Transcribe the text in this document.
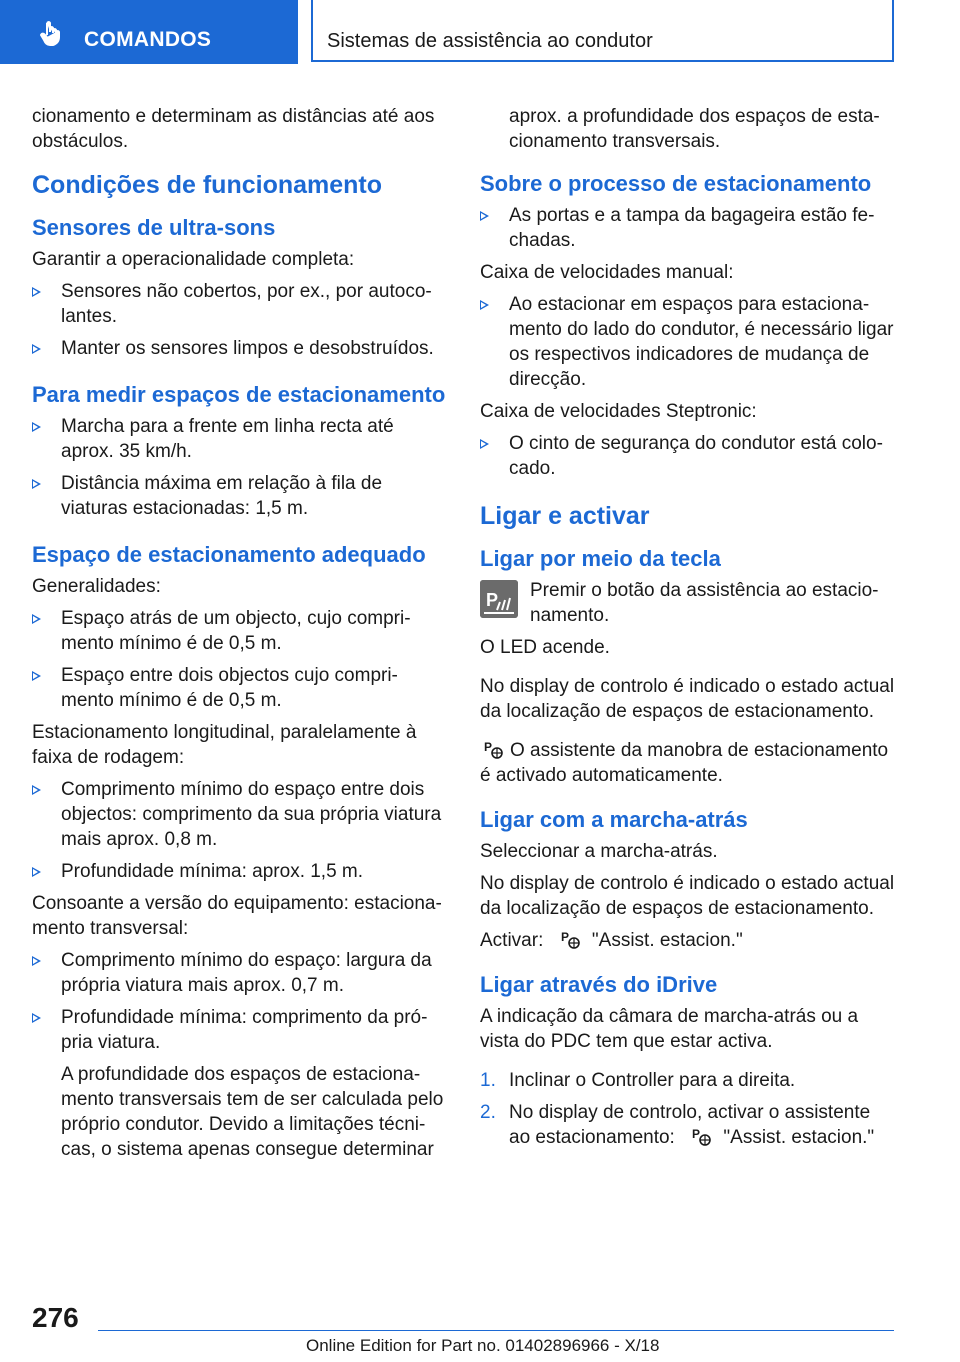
COMANDOS	Sistemas de assistência ao condutor

cionamento e determinam as distâncias até aos obstáculos.

Condições de funcionamento
Sensores de ultra-sons

Garantir a operacionalidade completa:

Sensores não cobertos, por ex., por autoco-lantes.
Manter os sensores limpos e desobstruídos.
Para medir espaços de estacionamento
Marcha para a frente em linha recta até aprox. 35 km/h.
Distância máxima em relação à fila de viaturas estacionadas: 1,5 m.
Espaço de estacionamento adequado

Generalidades:

Espaço atrás de um objecto, cujo compri-mento mínimo é de 0,5 m.
Espaço entre dois objectos cujo compri-mento mínimo é de 0,5 m.

Estacionamento longitudinal, paralelamente à faixa de rodagem:

Comprimento mínimo do espaço entre dois objectos: comprimento da sua própria viatura mais aprox. 0,8 m.
Profundidade mínima: aprox. 1,5 m.

Consoante a versão do equipamento: estaciona-mento transversal:

Comprimento mínimo do espaço: largura da própria viatura mais aprox. 0,7 m.
Profundidade mínima: comprimento da pró-pria viatura.

A profundidade dos espaços de estaciona-mento transversais tem de ser calculada pelo próprio condutor. Devido a limitações técni-cas, o sistema apenas consegue determinar

aprox. a profundidade dos espaços de esta-cionamento transversais.

Sobre o processo de estacionamento
As portas e a tampa da bagageira estão fe-chadas.

Caixa de velocidades manual:

Ao estacionar em espaços para estaciona-mento do lado do condutor, é necessário ligar os respectivos indicadores de mudança de direcção.

Caixa de velocidades Steptronic:

O cinto de segurança do condutor está colo-cado.
Ligar e activar
Ligar por meio da tecla
P Premir o botão da assistência ao estacio-namento.

O LED acende.

No display de controlo é indicado o estado actual da localização de espaços de estacionamento.

P O assistente da manobra de estacionamento é activado automaticamente.

Ligar com a marcha-atrás

Seleccionar a marcha-atrás.

No display de controlo é indicado o estado actual da localização de espaços de estacionamento.

Activar: P "Assist. estacion."

Ligar através do iDrive

A indicação da câmara de marcha-atrás ou a vista do PDC tem que estar activa.

1. Inclinar o Controller para a direita.
2. No display de controlo, activar o assistente ao estacionamento: P "Assist. estacion."
276
Online Edition for Part no. 01402896966 - X/18
